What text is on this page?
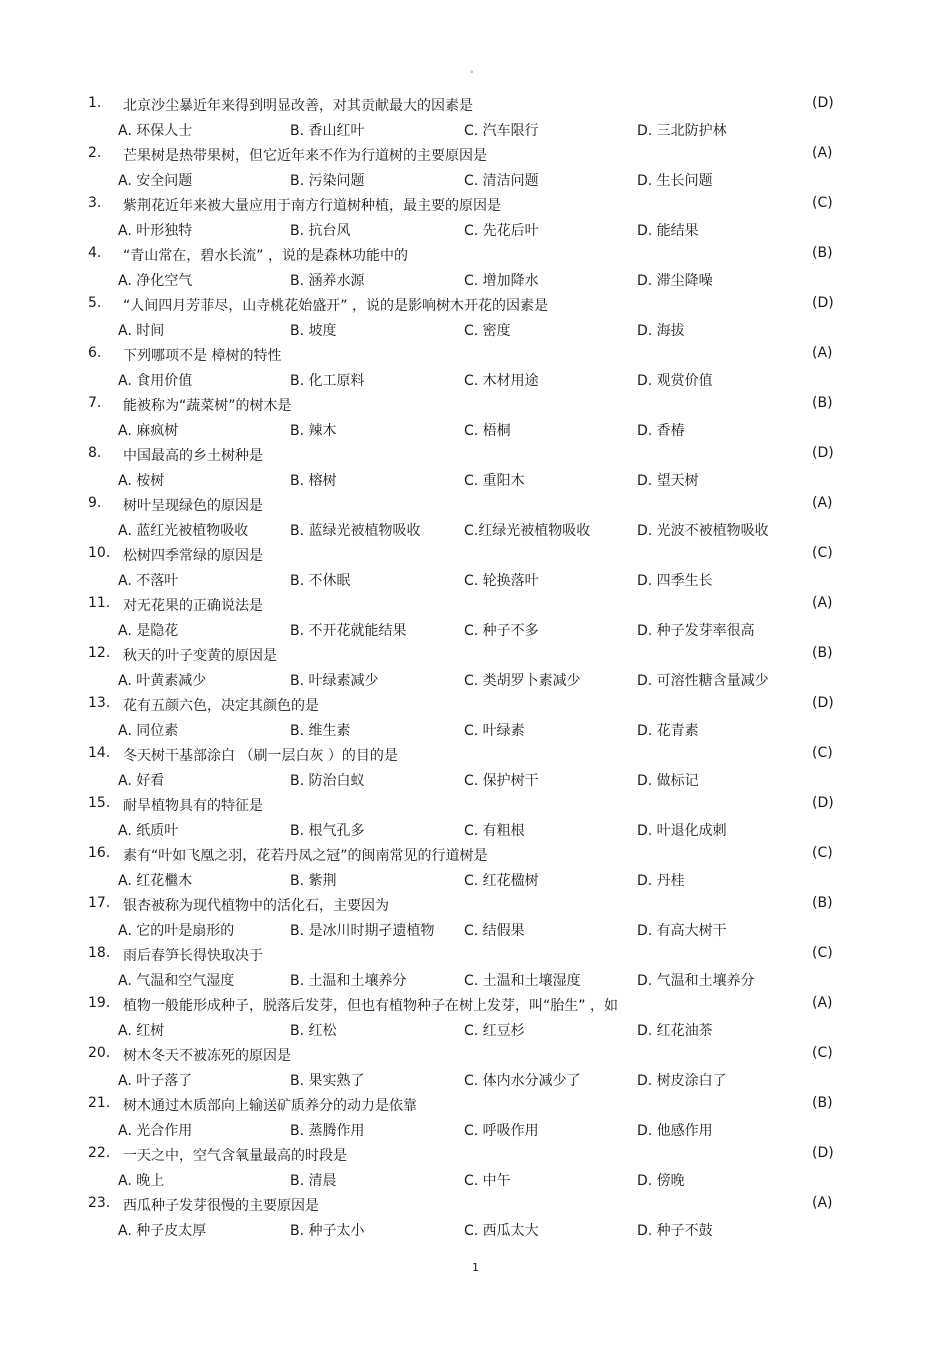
°
1.	北京沙尘暴近年来得到明显改善，对其贡献最大的因素是	(D)
A. 环保人士	B. 香山红叶	C. 汽车限行	D. 三北防护林
2.	芒果树是热带果树，但它近年来不作为行道树的主要原因是	(A)
A. 安全问题	B. 污染问题	C. 清洁问题	D. 生长问题
3.	紫荆花近年来被大量应用于南方行道树种植，最主要的原因是	(C)
A. 叶形独特	B. 抗台风	C. 先花后叶	D. 能结果
4.	“青山常在，碧水长流” ，说的是森林功能中的	(B)
A. 净化空气	B. 涵养水源	C. 增加降水	D. 滞尘降噪
5.	“人间四月芳菲尽，山寺桃花始盛开” ，说的是影响树木开花的因素是	(D)
A. 时间	B. 坡度	C. 密度	D. 海拔
6.	下列哪项不是 樟树的特性	(A)
A. 食用价值	B. 化工原料	C. 木材用途	D. 观赏价值
7.	能被称为“蔬菜树”的树木是	(B)
A. 麻疯树	B. 辣木	C. 梧桐	D. 香椿
8.	中国最高的乡土树种是	(D)
A. 桉树	B. 榕树	C. 重阳木	D. 望天树
9.	树叶呈现绿色的原因是	(A)
A. 蓝红光被植物吸收	B. 蓝绿光被植物吸收	C.红绿光被植物吸收	D. 光波不被植物吸收
10. 松树四季常绿的原因是	(C)
A. 不落叶	B. 不休眠	C. 轮换落叶	D. 四季生长
11. 对无花果的正确说法是	(A)
A. 是隐花	B. 不开花就能结果	C. 种子不多	D. 种子发芽率很高
12. 秋天的叶子变黄的原因是	(B)
A. 叶黄素减少	B. 叶绿素减少	C. 类胡罗卜素减少	D. 可溶性糖含量减少
13. 花有五颜六色，决定其颜色的是	(D)
A. 同位素	B. 维生素	C. 叶绿素	D. 花青素
14. 冬天树干基部涂白 （刷一层白灰 ）的目的是	(C)
A. 好看	B. 防治白蚁	C. 保护树干	D. 做标记
15. 耐旱植物具有的特征是	(D)
A. 纸质叶	B. 根气孔多	C. 有粗根	D. 叶退化成刺
16. 素有“叶如飞凰之羽，花若丹凤之冠”的闽南常见的行道树是	(C)
A. 红花檵木	B. 紫荆	C. 红花楹树	D. 丹桂
17. 银杏被称为现代植物中的活化石，主要因为	(B)
A. 它的叶是扇形的	B. 是冰川时期孑遗植物 C. 结假果	D. 有高大树干
18. 雨后春笋长得快取决于	(C)
A. 气温和空气湿度	B. 土温和土壤养分	C. 土温和土壤湿度	D. 气温和土壤养分
19. 植物一般能形成种子，脱落后发芽，但也有植物种子在树上发芽，叫“胎生” ，如	(A)
A. 红树	B. 红松	C. 红豆杉	D. 红花油茶
20. 树木冬天不被冻死的原因是	(C)
A. 叶子落了	B. 果实熟了	C. 体内水分减少了	D. 树皮涂白了
21. 树木通过木质部向上输送矿质养分的动力是依靠	(B)
A. 光合作用	B. 蒸腾作用	C. 呼吸作用	D. 他感作用
22. 一天之中，空气含氧量最高的时段是	(D)
A. 晚上	B. 清晨	C. 中午	D. 傍晚
23. 西瓜种子发芽很慢的主要原因是	(A)
A. 种子皮太厚	B. 种子太小	C. 西瓜太大	D. 种子不鼓
1
